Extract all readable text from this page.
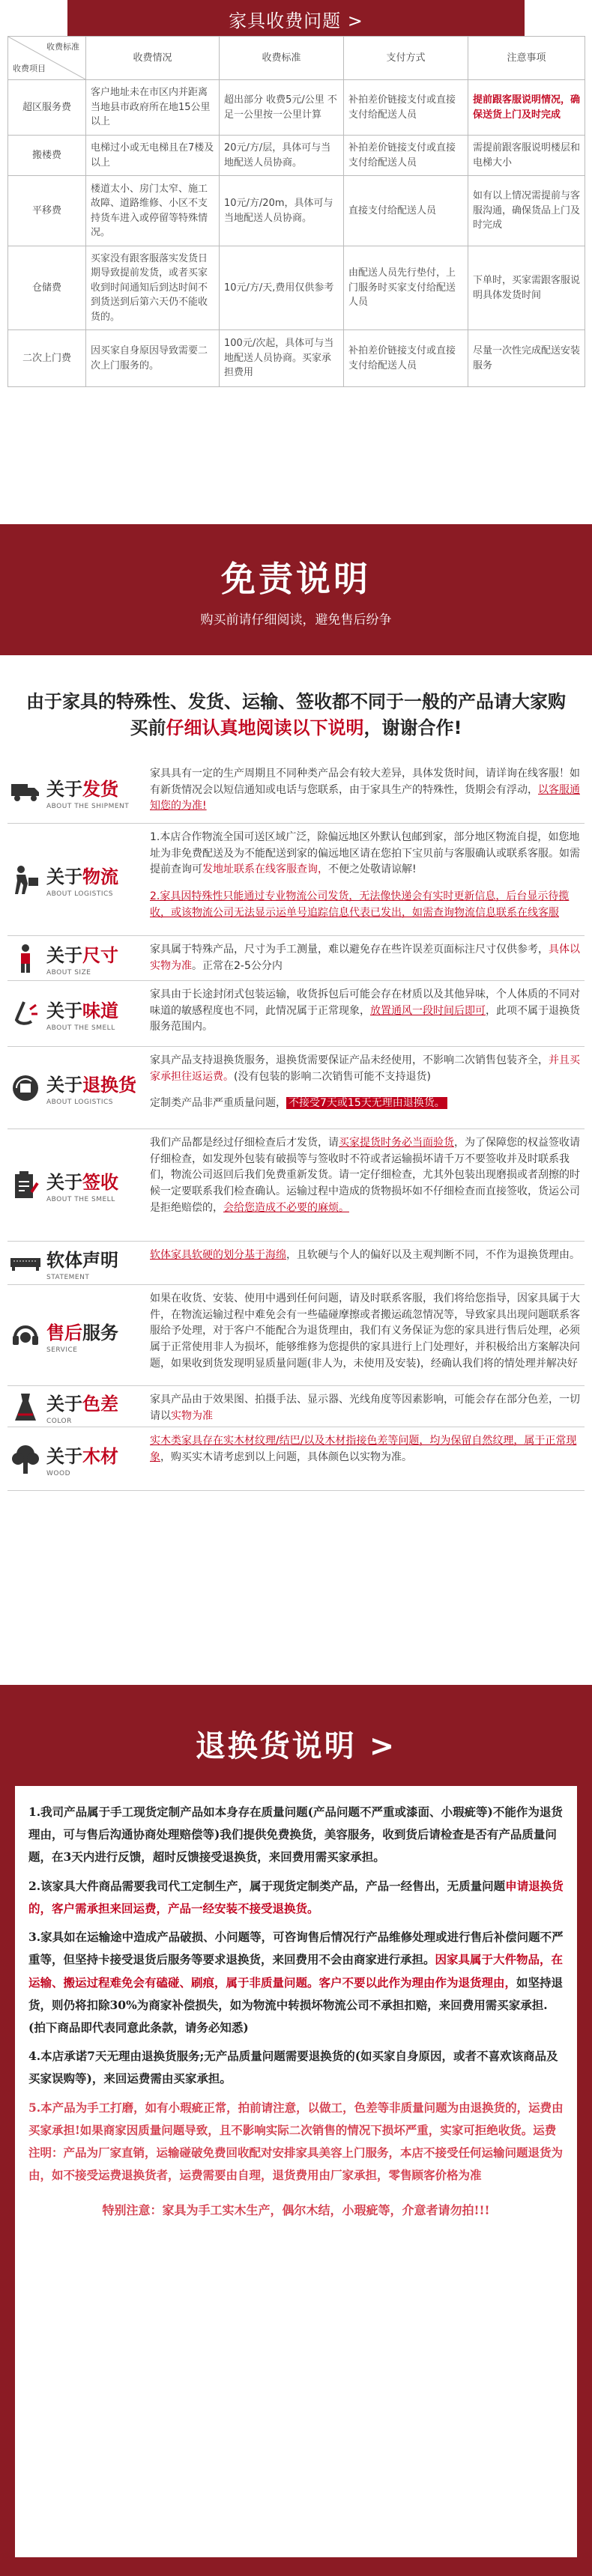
家具收费问题 >
收费标准
收费项目	收费情况	收费标准	支付方式	注意事项
超区服务费	客户地址未在市区内并距离当地县市政府所在地15公里以上	超出部分 收费5元/公里 不足一公里按一公里计算	补拍差价链接支付或直接支付给配送人员	提前跟客服说明情况，确保送货上门及时完成
搬楼费	电梯过小或无电梯且在7楼及以上	20元/方/层，具体可与当地配送人员协商。	补拍差价链接支付或直接支付给配送人员	需提前跟客服说明楼层和电梯大小
平移费	楼道太小、房门太窄、施工故障、道路维修、小区不支持货车进入或停留等特殊情况。	10元/方/20m，具体可与当地配送人员协商。	直接支付给配送人员	如有以上情况需提前与客服沟通，确保货品上门及时完成
仓储费	买家没有跟客服落实发货日期导致提前发货，或者买家收到时间通知后到达时间不到货送到后第六天仍不能收货的。	10元/方/天,费用仅供参考	由配送人员先行垫付，上门服务时买家支付给配送人员	下单时，买家需跟客服说明具体发货时间
二次上门费	因买家自身原因导致需要二次上门服务的。	100元/次起，具体可与当地配送人员协商。买家承担费用	补拍差价链接支付或直接支付给配送人员	尽量一次性完成配送安装服务
免责说明
购买前请仔细阅读，避免售后纷争
由于家具的特殊性、发货、运输、签收都不同于一般的产品请大家购买前仔细认真地阅读以下说明，谢谢合作!
关于发货
ABOUT THE SHIPMENT

家具具有一定的生产周期且不同种类产品会有较大差异，具体发货时间，请详询在线客服！如有新货情况会以短信通知或电话与您联系，由于家具生产的特殊性，货期会有浮动，以客服通知您的为准!

关于物流
ABOUT LOGISTICS

1.本店合作物流全国可送区域广泛，除偏远地区外默认包邮到家，部分地区物流自提，如您地址为非免费配送及为不能配送到家的偏远地区请在您拍下宝贝前与客服确认或联系客服。如需提前查询可发地址联系在线客服查询，不便之处敬请谅解!

2.家具因特殊性只能通过专业物流公司发货，无法像快递会有实时更新信息，后台显示待揽收，或该物流公司无法显示运单号追踪信息代表已发出，如需查询物流信息联系在线客服

关于尺寸
ABOUT SIZE

家具属于特殊产品，尺寸为手工测量，难以避免存在些许误差页面标注尺寸仅供参考，具体以实物为准。正常在2-5公分内

关于味道
ABOUT THE SMELL

家具由于长途封闭式包装运输，收货拆包后可能会存在材质以及其他异味，个人体质的不同对味道的敏感程度也不同，此情况属于正常现象，放置通风一段时间后即可，此项不属于退换货服务范围内。

关于退换货
ABOUT LOGISTICS

家具产品支持退换货服务，退换货需要保证产品未经使用，不影响二次销售包装齐全，并且买家承担往返运费。(没有包装的影响二次销售可能不支持退货)

定制类产品非严重质量问题， 不接受7天或15天无理由退换货。

关于签收
ABOUT THE SMELL

我们产品都是经过仔细检查后才发货，请买家提货时务必当面验货，为了保障您的权益签收请仔细检查，如发现外包装有破损等与签收时不符或者运输损坏请千万不要签收并及时联系我们，物流公司返回后我们免费重新发货。请一定仔细检查，尤其外包装出现磨损或者刮擦的时候一定要联系我们检查确认。运输过程中造成的货物损坏如不仔细检查而直接签收，货运公司是拒绝赔偿的，会给您造成不必要的麻烦。

软体声明
STATEMENT

软体家具软硬的划分基于海绵，且软硬与个人的偏好以及主观判断不同，不作为退换货理由。

售后服务
SERVICE

如果在收货、安装、使用中遇到任何问题，请及时联系客服，我们将给您指导，因家具属于大件，在物流运输过程中难免会有一些磕碰摩擦或者搬运疏忽情况等，导致家具出现问题联系客服给予处理，对于客户不能配合为退货理由，我们有义务保证为您的家具进行售后处理，必须属于正常使用非人为损坏，能够维修为您提供的家具进行上门处理好，并积极给出方案解决问题，如果收到货发现明显质量问题(非人为，未使用及安装)，经确认我们将的情处理并解决好

关于色差
COLOR

家具产品由于效果图、拍摄手法、显示器、光线角度等因素影响，可能会存在部分色差，一切请以实物为准

关于木材
WOOD

实木类家具存在实木材纹理/结巴/以及木材指接色差等问题，均为保留自然纹理，属于正常现象，购买实木请考虑到以上问题，具体颜色以实物为准。

退换货说明 >

1.我司产品属于手工现货定制产品如本身存在质量问题(产品问题不严重或漆面、小瑕疵等)不能作为退货理由，可与售后沟通协商处理赔偿等)我们提供免费换货，美容服务，收到货后请检查是否有产品质量问题，在3天内进行反馈，超时反馈接受退换货，来回费用需买家承担。

2.该家具大件商品需要我司代工定制生产，属于现货定制类产品，产品一经售出，无质量问题申请退换货的，客户需承担来回运费，产品一经安装不接受退换货。

3.家具如在运输途中造成产品破损、小问题等，可咨询售后情况行产品维修处理或进行售后补偿问题不严重等，但坚持卡接受退货后服务等要求退换货，来回费用不会由商家进行承担。因家具属于大件物品，在运输、搬运过程难免会有磕碰、刷痕，属于非质量问题。客户不要以此作为理由作为退货理由，如坚持退货，则仍将扣除30%为商家补偿损失，如为物流中转损坏物流公司不承担扣赔，来回费用需买家承担.(拍下商品即代表同意此条款，请务必知悉)

4.本店承诺7天无理由退换货服务;无产品质量问题需要退换货的(如买家自身原因，或者不喜欢该商品及买家误购等)，来回运费需由买家承担。

5.本产品为手工打磨，如有小瑕疵正常，拍前请注意，以做工，色差等非质量问题为由退换货的，运费由买家承担!如果商家因质量问题导致，且不影响实际二次销售的情况下损坏严重，实家可拒绝收货。运费注明：产品为厂家直销，运输碰破免费回收配对安排家具美容上门服务，本店不接受任何运输问题退货为由，如不接受运费退换货者，运费需要由自理，退货费用由厂家承担，零售顾客价格为准

特别注意：家具为手工实木生产，偶尔木结，小瑕疵等，介意者请勿拍!!!
